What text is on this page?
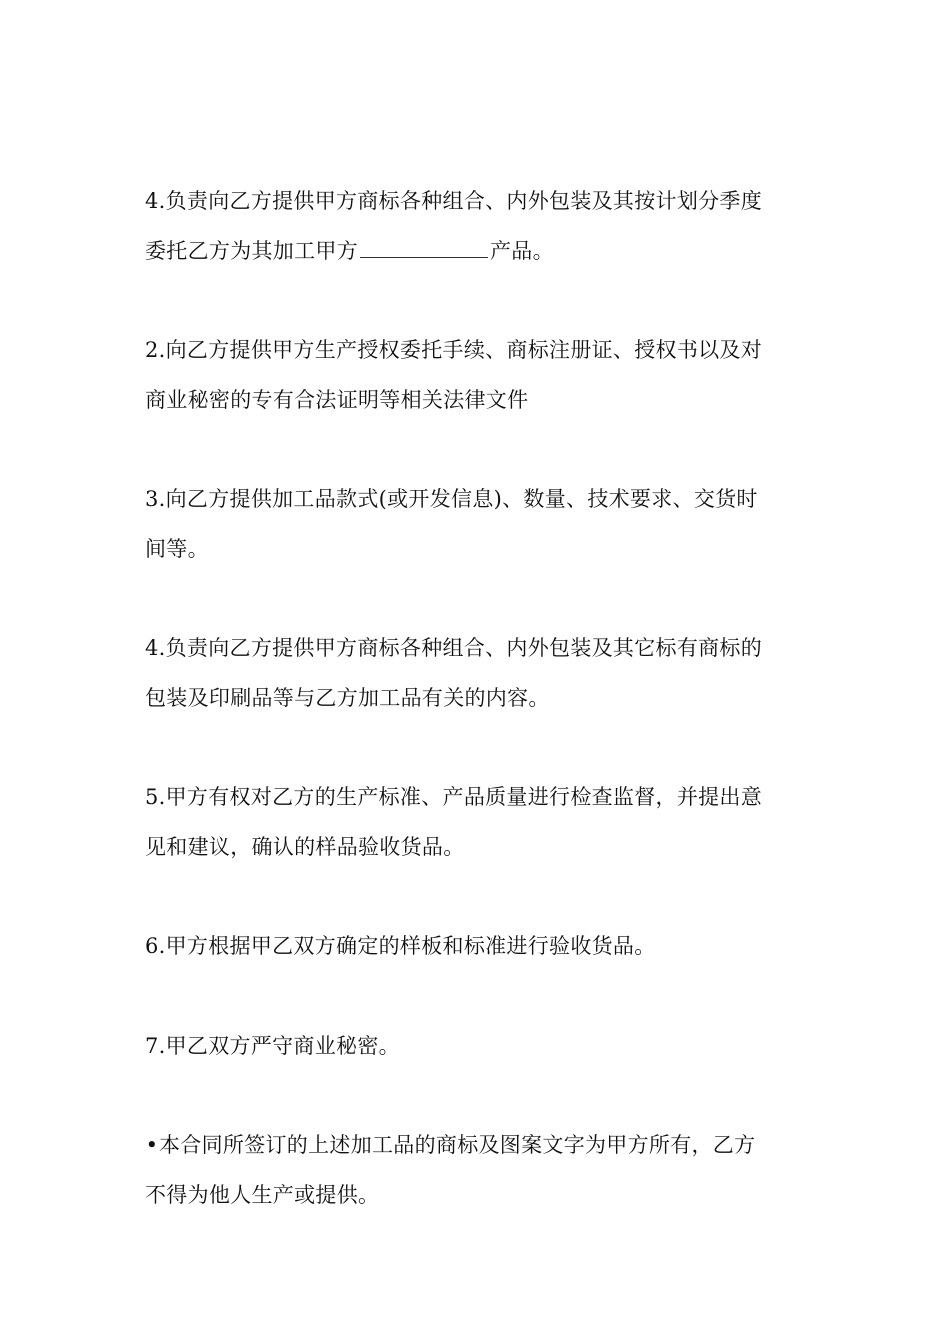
4.负责向乙方提供甲方商标各种组合、内外包装及其按计划分季度
委托乙方为其加工甲方	产品。

2.向乙方提供甲方生产授权委托手续、商标注册证、授权书以及对
商业秘密的专有合法证明等相关法律文件

3.向乙方提供加工品款式(或开发信息)、数量、技术要求、交货时
间等。

4.负责向乙方提供甲方商标各种组合、内外包装及其它标有商标的
包装及印刷品等与乙方加工品有关的内容。

5.甲方有权对乙方的生产标准、产品质量进行检查监督，并提出意
见和建议，确认的样品验收货品。

6.甲方根据甲乙双方确定的样板和标准进行验收货品。

7.甲乙双方严守商业秘密。

•本合同所签订的上述加工品的商标及图案文字为甲方所有，乙方
不得为他人生产或提供。
